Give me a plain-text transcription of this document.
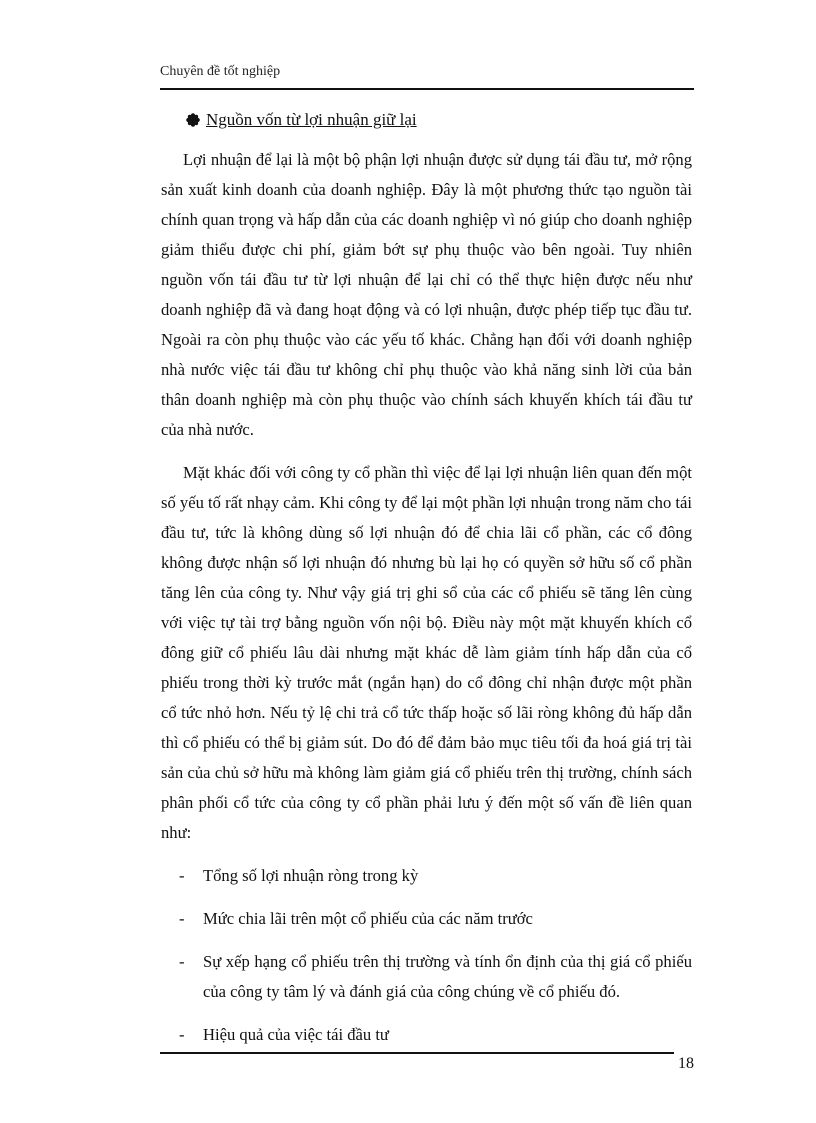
Chuyên đề tốt nghiệp
Nguồn vốn từ lợi nhuận giữ lại

Lợi nhuận để lại là một bộ phận lợi nhuận được sử dụng tái đầu tư, mở rộng sản xuất kinh doanh của doanh nghiệp. Đây là một phương thức tạo nguồn tài chính quan trọng và hấp dẫn của các doanh nghiệp vì nó giúp cho doanh nghiệp giảm thiểu được chi phí, giảm bớt sự phụ thuộc vào bên ngoài. Tuy nhiên nguồn vốn tái đầu tư từ lợi nhuận để lại chỉ có thể thực hiện được nếu như doanh nghiệp đã và đang hoạt động và có lợi nhuận, được phép tiếp tục đầu tư. Ngoài ra còn phụ thuộc vào các yếu tố khác. Chẳng hạn đối với doanh nghiệp nhà nước việc tái đầu tư không chỉ phụ thuộc vào khả năng sinh lời của bản thân doanh nghiệp mà còn phụ thuộc vào chính sách khuyến khích tái đầu tư của nhà nước.

Mặt khác đối với công ty cổ phần thì việc để lại lợi nhuận liên quan đến một số yếu tố rất nhạy cảm. Khi công ty để lại một phần lợi nhuận trong năm cho tái đầu tư, tức là không dùng số lợi nhuận đó để chia lãi cổ phần, các cổ đông không được nhận số lợi nhuận đó nhưng bù lại họ có quyền sở hữu số cổ phần tăng lên của công ty. Như vậy giá trị ghi sổ của các cổ phiếu sẽ tăng lên cùng với việc tự tài trợ bằng nguồn vốn nội bộ. Điều này một mặt khuyến khích cổ đông giữ cổ phiếu lâu dài nhưng mặt khác dễ làm giảm tính hấp dẫn của cổ phiếu trong thời kỳ trước mắt (ngắn hạn) do cổ đông chỉ nhận được một phần cổ tức nhỏ hơn. Nếu tỷ lệ chi trả cổ tức thấp hoặc số lãi ròng không đủ hấp dẫn thì cổ phiếu có thể bị giảm sút. Do đó để đảm bảo mục tiêu tối đa hoá giá trị tài sản của chủ sở hữu mà không làm giảm giá cổ phiếu trên thị trường, chính sách phân phối cổ tức của công ty cổ phần phải lưu ý đến một số vấn đề liên quan như:

- Tổng số lợi nhuận ròng trong kỳ
- Mức chia lãi trên một cổ phiếu của các năm trước
- Sự xếp hạng cổ phiếu trên thị trường và tính ổn định của thị giá cổ phiếu của công ty tâm lý và đánh giá của công chúng về cổ phiếu đó.
- Hiệu quả của việc tái đầu tư
18
